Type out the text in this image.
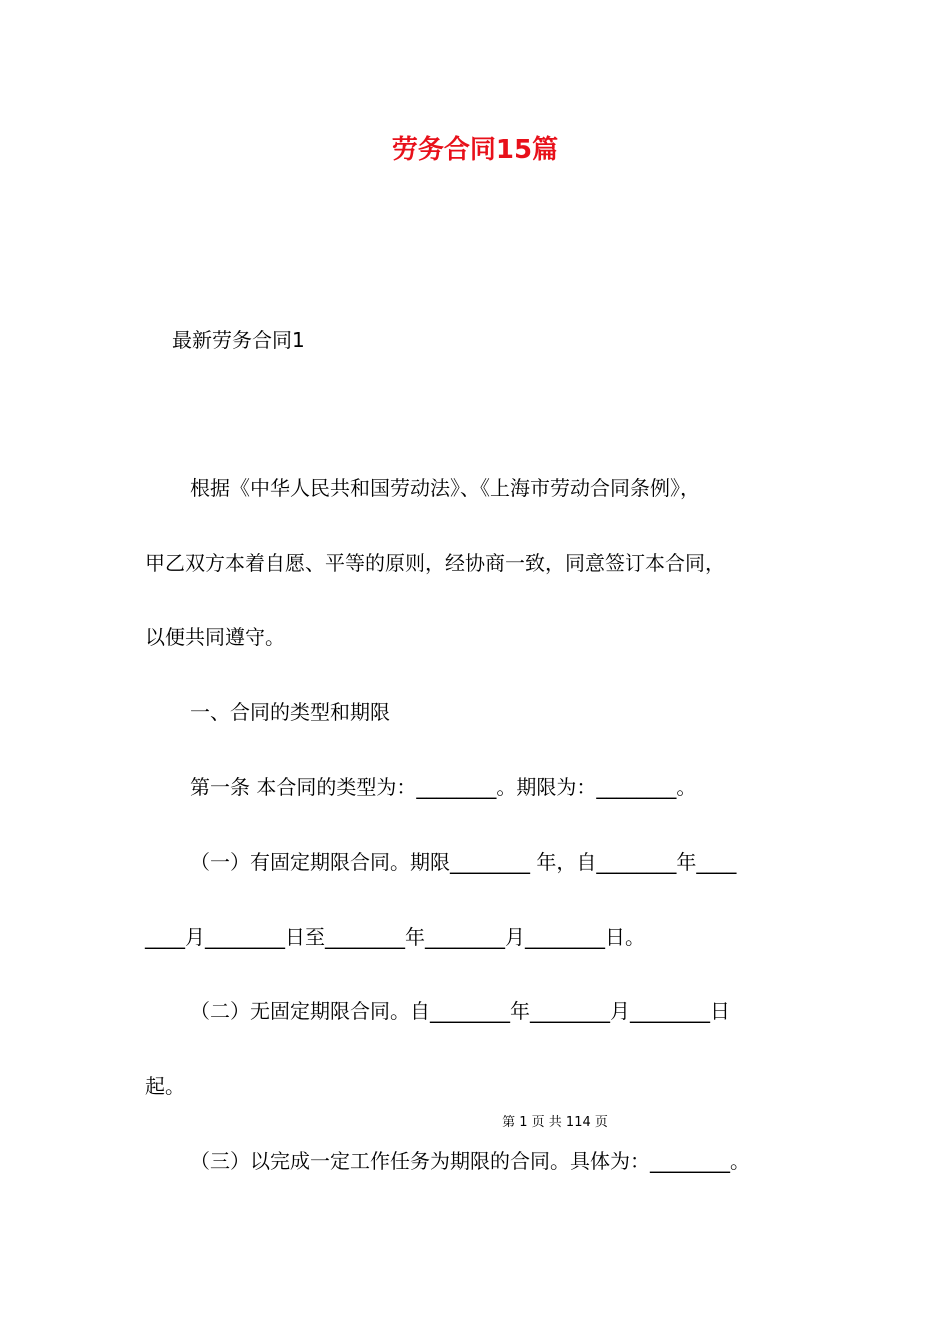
劳务合同15篇
最新劳务合同1
根据《中华人民共和国劳动法》、《上海市劳动合同条例》，
甲乙双方本着自愿、平等的原则，经协商一致，同意签订本合同，
以便共同遵守。
一、合同的类型和期限
第一条 本合同的类型为：________。期限为：________。
（一）有固定期限合同。期限________ 年，自________年____
____月________日至________年________月________日。
（二）无固定期限合同。自________年________月________日
起。
第 1 页 共 114 页
（三）以完成一定工作任务为期限的合同。具体为：________。
